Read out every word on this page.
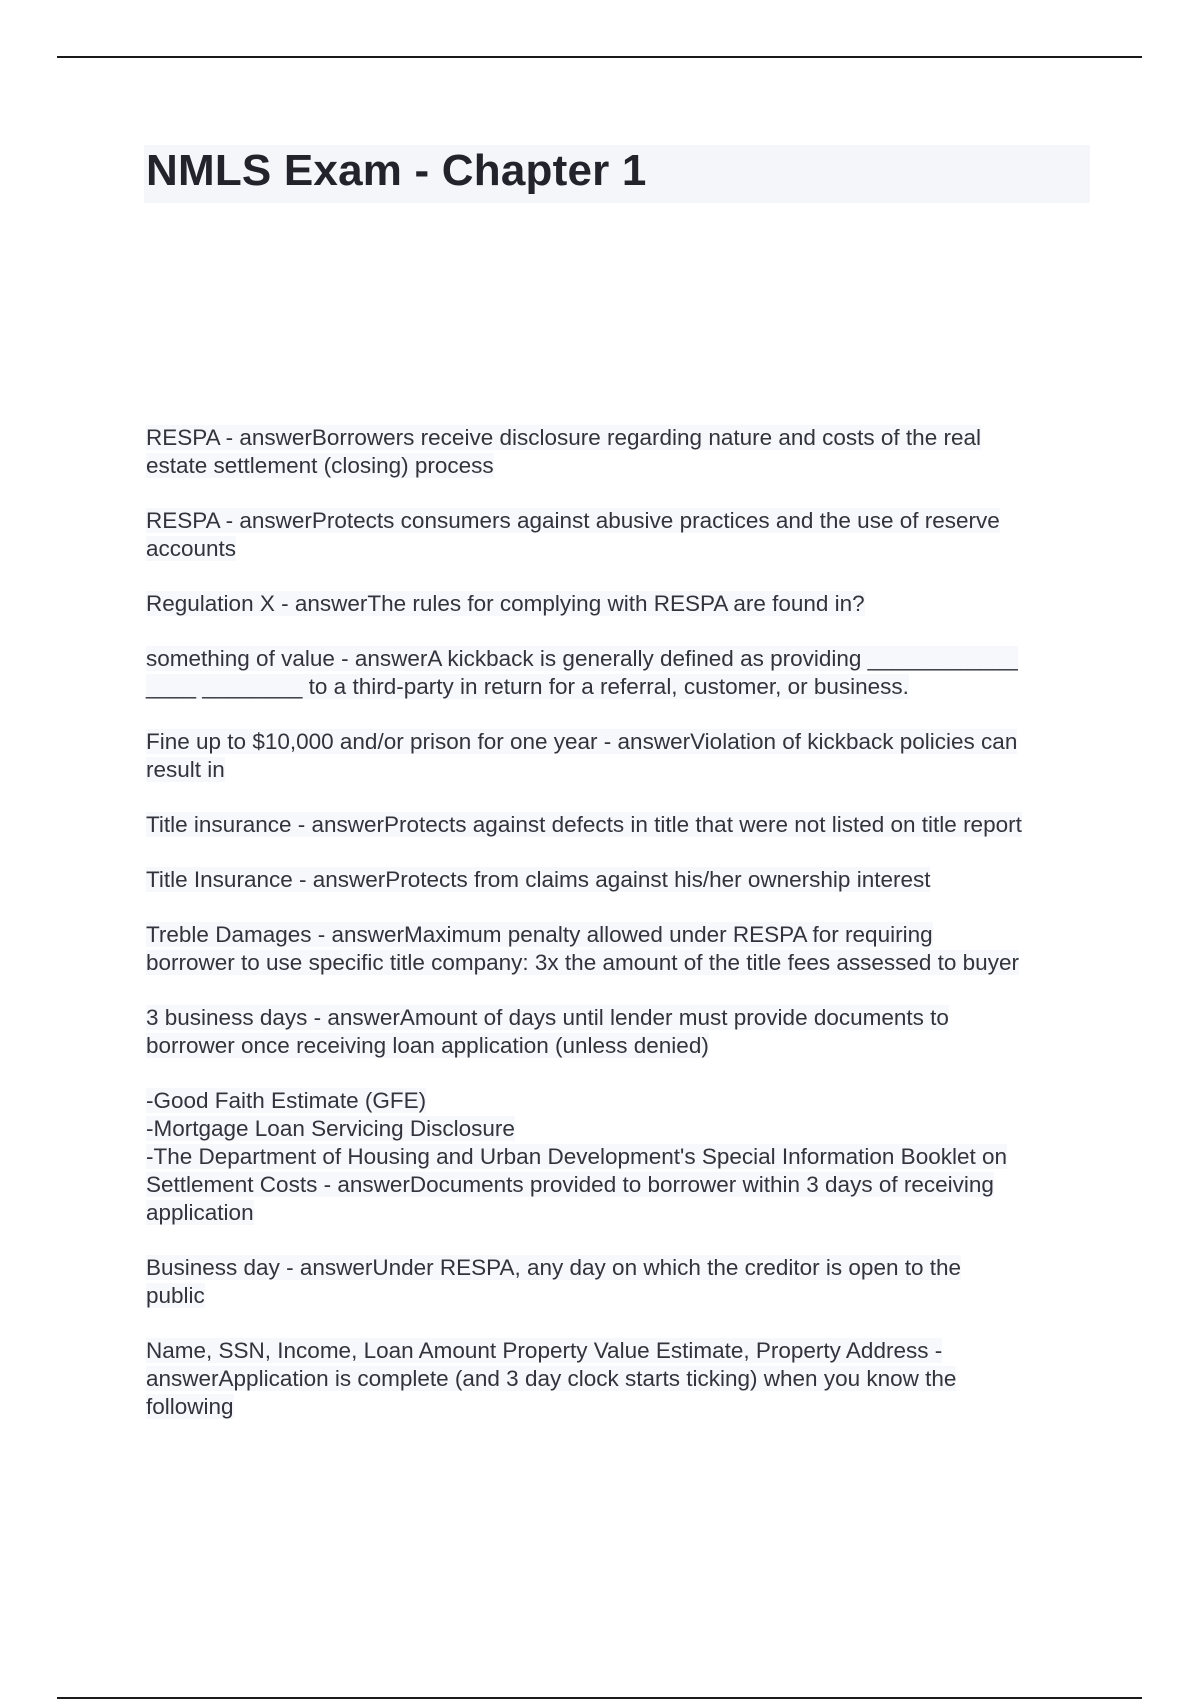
NMLS Exam - Chapter 1

RESPA - answerBorrowers receive disclosure regarding nature and costs of the real
estate settlement (closing) process

RESPA - answerProtects consumers against abusive practices and the use of reserve
accounts

Regulation X - answerThe rules for complying with RESPA are found in?

something of value - answerA kickback is generally defined as providing ____________
____ ________ to a third-party in return for a referral, customer, or business.

Fine up to $10,000 and/or prison for one year - answerViolation of kickback policies can
result in

Title insurance - answerProtects against defects in title that were not listed on title report

Title Insurance - answerProtects from claims against his/her ownership interest

Treble Damages - answerMaximum penalty allowed under RESPA for requiring
borrower to use specific title company: 3x the amount of the title fees assessed to buyer

3 business days - answerAmount of days until lender must provide documents to
borrower once receiving loan application (unless denied)

-Good Faith Estimate (GFE)
-Mortgage Loan Servicing Disclosure
-The Department of Housing and Urban Development's Special Information Booklet on
Settlement Costs - answerDocuments provided to borrower within 3 days of receiving
application

Business day - answerUnder RESPA, any day on which the creditor is open to the
public

Name, SSN, Income, Loan Amount Property Value Estimate, Property Address -
answerApplication is complete (and 3 day clock starts ticking) when you know the
following
